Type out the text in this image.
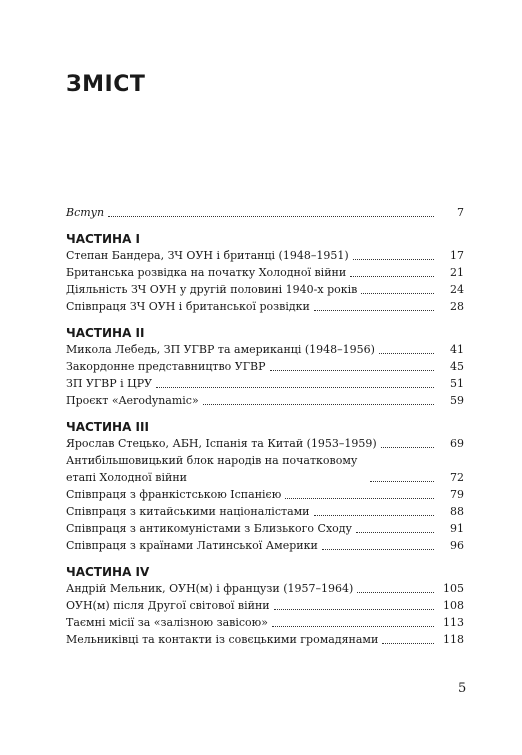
ЗМІСТ
Вступ	7
ЧАСТИНА І
Степан Бандера, ЗЧ ОУН і британці (1948–1951)	17
Британська розвідка на початку Холодної війни	21
Діяльність ЗЧ ОУН у другій половині 1940-х років	24
Співпраця ЗЧ ОУН і британської розвідки	28
ЧАСТИНА ІІ
Микола Лебедь, ЗП УГВР та американці (1948–1956)	41
Закордонне представництво УГВР	45
ЗП УГВР і ЦРУ	51
Проєкт «Aerodynamic»	59
ЧАСТИНА ІІІ
Ярослав Стецько, АБН, Іспанія та Китай (1953–1959)	69
Антибільшовицький блок народів на початковому етапі Холодної війни	72
Співпраця з франкістською Іспанією	79
Співпраця з китайськими націоналістами	88
Співпраця з антикомуністами з Близького Сходу	91
Співпраця з країнами Латинської Америки	96
ЧАСТИНА IV
Андрій Мельник, ОУН(м) і французи (1957–1964)	105
ОУН(м) після Другої світової війни	108
Таємні місії за «залізною завісою»	113
Мельниківці та контакти із совєцькими громадянами	118
5
